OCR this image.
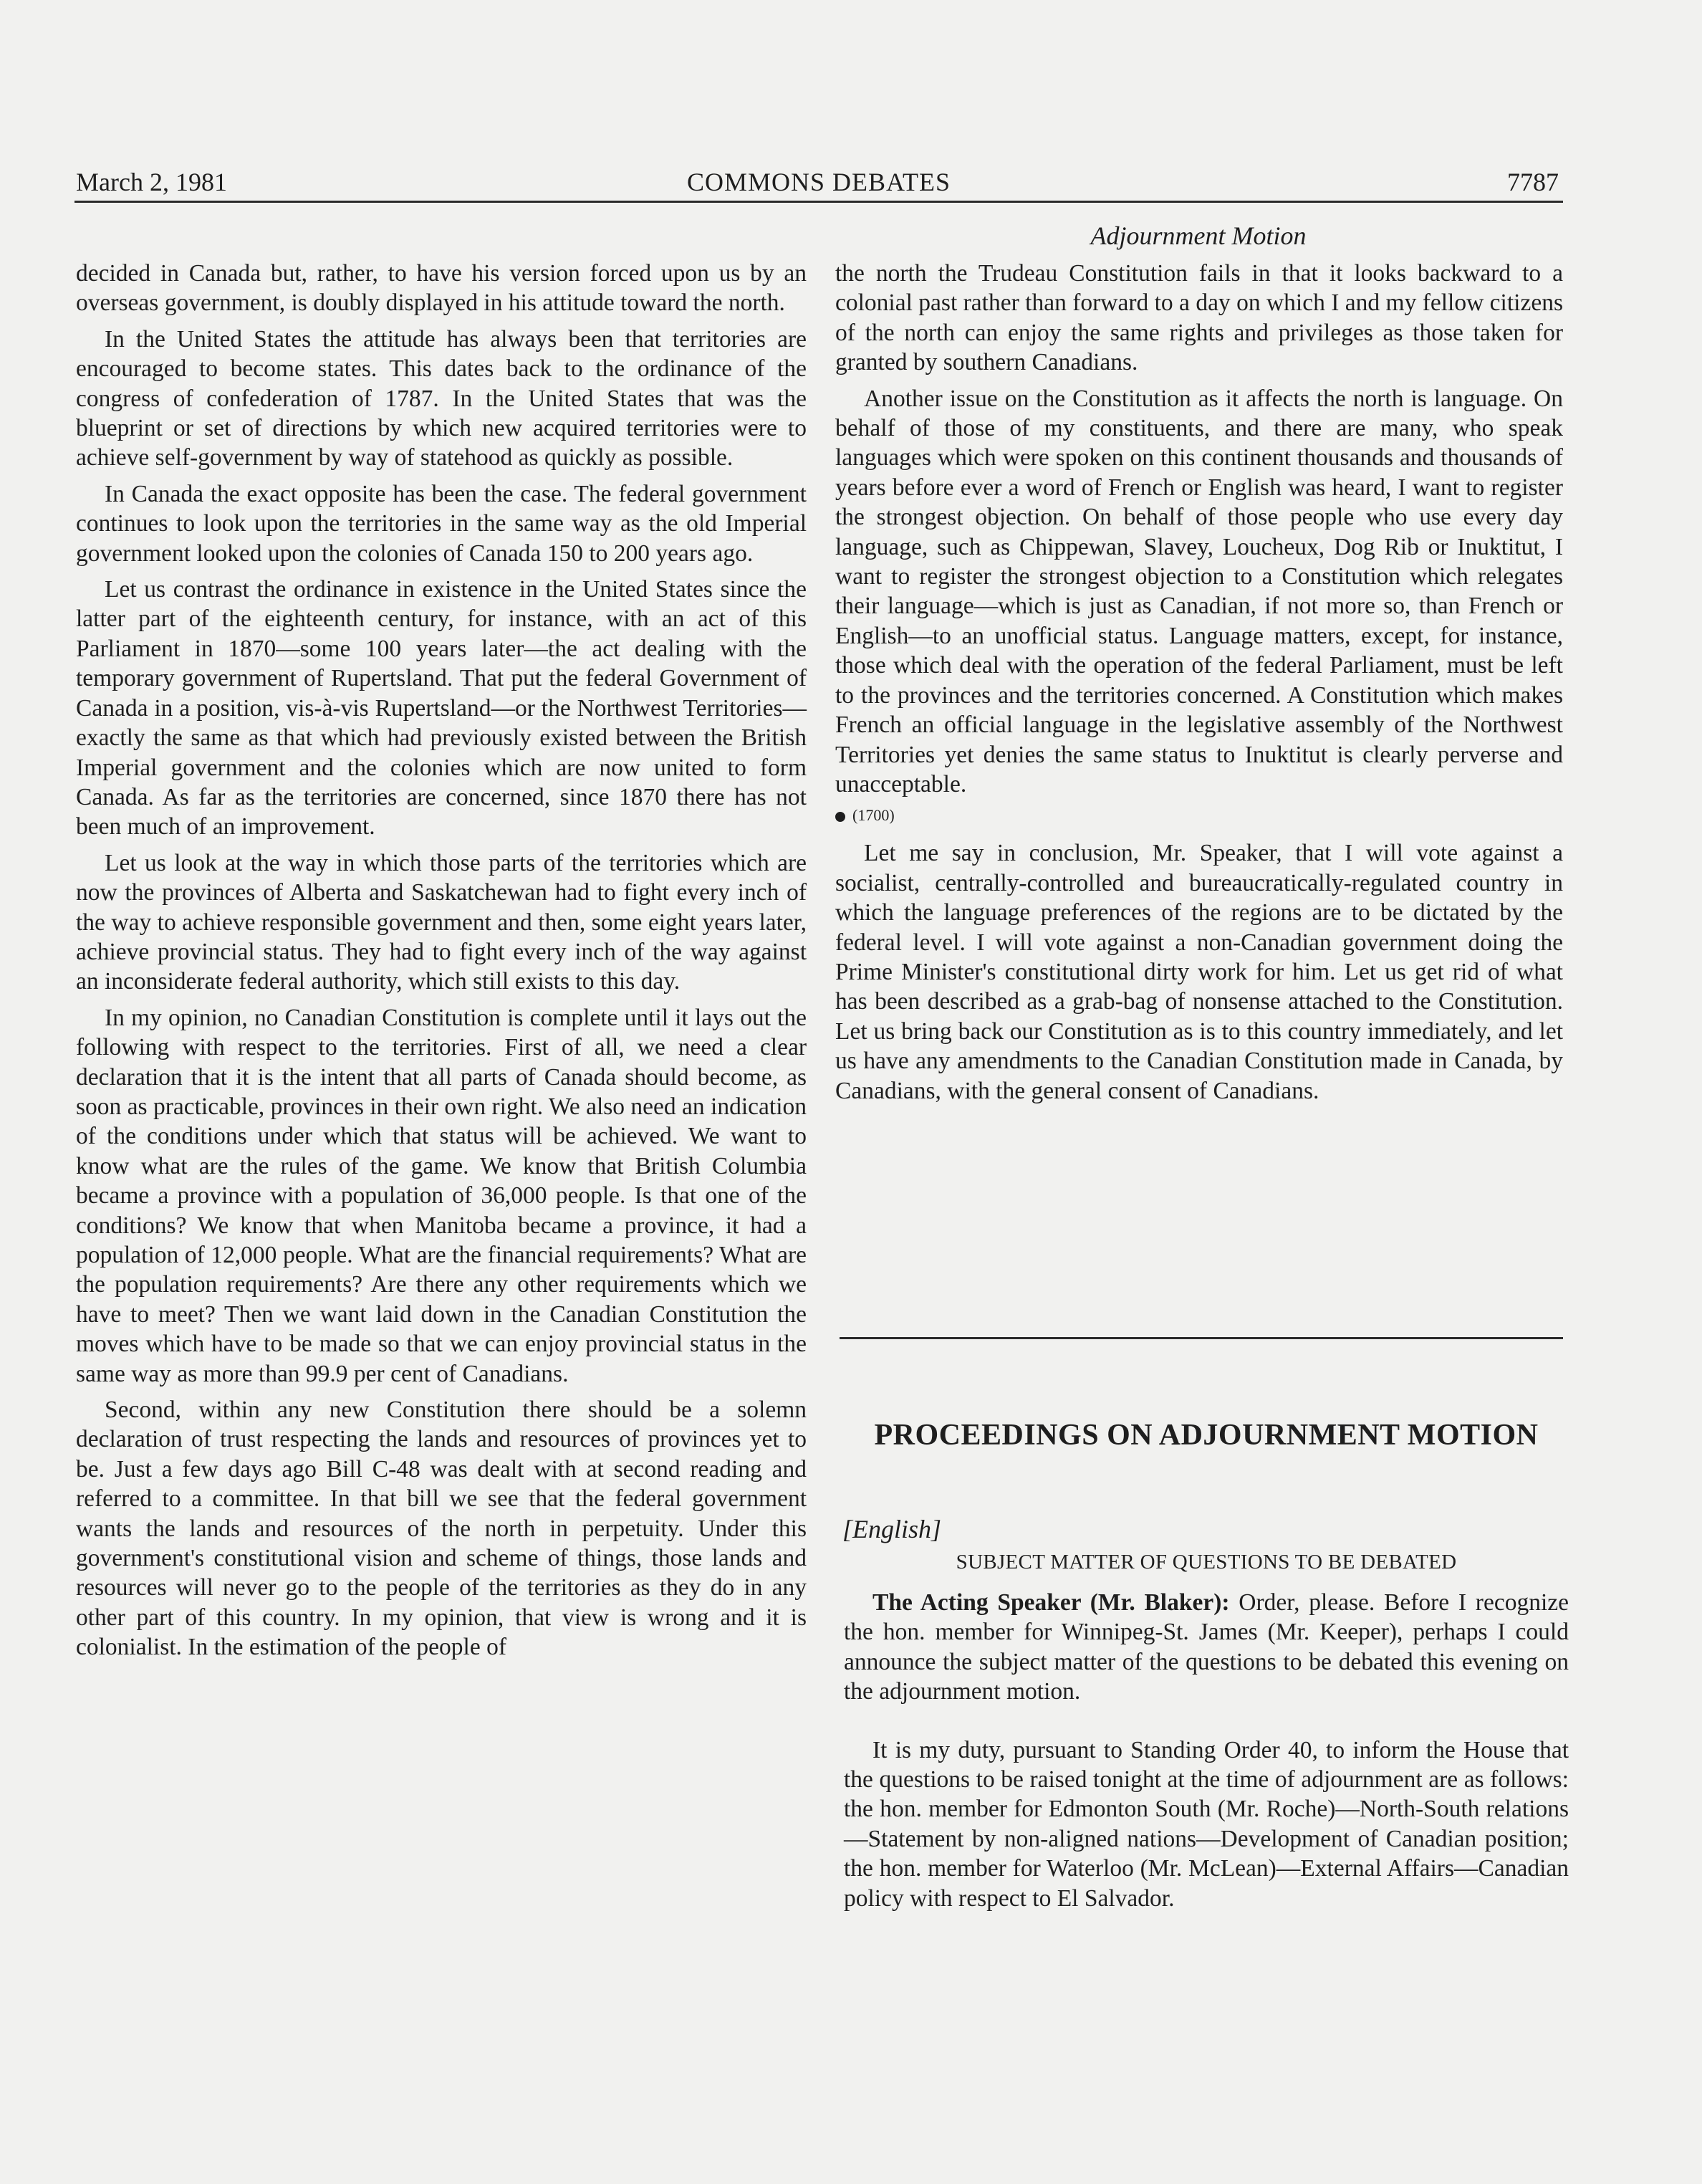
March 2, 1981	COMMONS DEBATES	7787
Adjournment Motion

decided in Canada but, rather, to have his version forced upon us by an overseas government, is doubly displayed in his attitude toward the north.

In the United States the attitude has always been that territories are encouraged to become states. This dates back to the ordinance of the congress of confederation of 1787. In the United States that was the blueprint or set of directions by which new acquired territories were to achieve self-government by way of statehood as quickly as possible.

In Canada the exact opposite has been the case. The federal government continues to look upon the territories in the same way as the old Imperial government looked upon the colonies of Canada 150 to 200 years ago.

Let us contrast the ordinance in existence in the United States since the latter part of the eighteenth century, for instance, with an act of this Parliament in 1870—some 100 years later—the act dealing with the temporary government of Rupertsland. That put the federal Government of Canada in a position, vis-à-vis Rupertsland—or the Northwest Territories—exactly the same as that which had previously existed between the British Imperial government and the colonies which are now united to form Canada. As far as the territories are concerned, since 1870 there has not been much of an improvement.

Let us look at the way in which those parts of the territories which are now the provinces of Alberta and Saskatchewan had to fight every inch of the way to achieve responsible government and then, some eight years later, achieve provincial status. They had to fight every inch of the way against an inconsiderate federal authority, which still exists to this day.

In my opinion, no Canadian Constitution is complete until it lays out the following with respect to the territories. First of all, we need a clear declaration that it is the intent that all parts of Canada should become, as soon as practicable, provinces in their own right. We also need an indication of the conditions under which that status will be achieved. We want to know what are the rules of the game. We know that British Columbia became a province with a population of 36,000 people. Is that one of the conditions? We know that when Manitoba became a province, it had a population of 12,000 people. What are the financial requirements? What are the population requirements? Are there any other requirements which we have to meet? Then we want laid down in the Canadian Constitution the moves which have to be made so that we can enjoy provincial status in the same way as more than 99.9 per cent of Canadians.

Second, within any new Constitution there should be a solemn declaration of trust respecting the lands and resources of provinces yet to be. Just a few days ago Bill C-48 was dealt with at second reading and referred to a committee. In that bill we see that the federal government wants the lands and resources of the north in perpetuity. Under this government's constitutional vision and scheme of things, those lands and resources will never go to the people of the territories as they do in any other part of this country. In my opinion, that view is wrong and it is colonialist. In the estimation of the people of

the north the Trudeau Constitution fails in that it looks backward to a colonial past rather than forward to a day on which I and my fellow citizens of the north can enjoy the same rights and privileges as those taken for granted by southern Canadians.

Another issue on the Constitution as it affects the north is language. On behalf of those of my constituents, and there are many, who speak languages which were spoken on this continent thousands and thousands of years before ever a word of French or English was heard, I want to register the strongest objection. On behalf of those people who use every day language, such as Chippewan, Slavey, Loucheux, Dog Rib or Inuktitut, I want to register the strongest objection to a Constitution which relegates their language—which is just as Canadian, if not more so, than French or English—to an unofficial status. Language matters, except, for instance, those which deal with the operation of the federal Parliament, must be left to the provinces and the territories concerned. A Constitution which makes French an official language in the legislative assembly of the Northwest Territories yet denies the same status to Inuktitut is clearly perverse and unacceptable.

(1700)

Let me say in conclusion, Mr. Speaker, that I will vote against a socialist, centrally-controlled and bureaucratically-regulated country in which the language preferences of the regions are to be dictated by the federal level. I will vote against a non-Canadian government doing the Prime Minister's constitutional dirty work for him. Let us get rid of what has been described as a grab-bag of nonsense attached to the Constitution. Let us bring back our Constitution as is to this country immediately, and let us have any amendments to the Canadian Constitution made in Canada, by Canadians, with the general consent of Canadians.

PROCEEDINGS ON ADJOURNMENT MOTION
[English]
SUBJECT MATTER OF QUESTIONS TO BE DEBATED

The Acting Speaker (Mr. Blaker): Order, please. Before I recognize the hon. member for Winnipeg-St. James (Mr. Keeper), perhaps I could announce the subject matter of the questions to be debated this evening on the adjournment motion.

It is my duty, pursuant to Standing Order 40, to inform the House that the questions to be raised tonight at the time of adjournment are as follows: the hon. member for Edmonton South (Mr. Roche)—North-South relations—Statement by non-aligned nations—Development of Canadian position; the hon. member for Waterloo (Mr. McLean)—External Affairs—Canadian policy with respect to El Salvador.
